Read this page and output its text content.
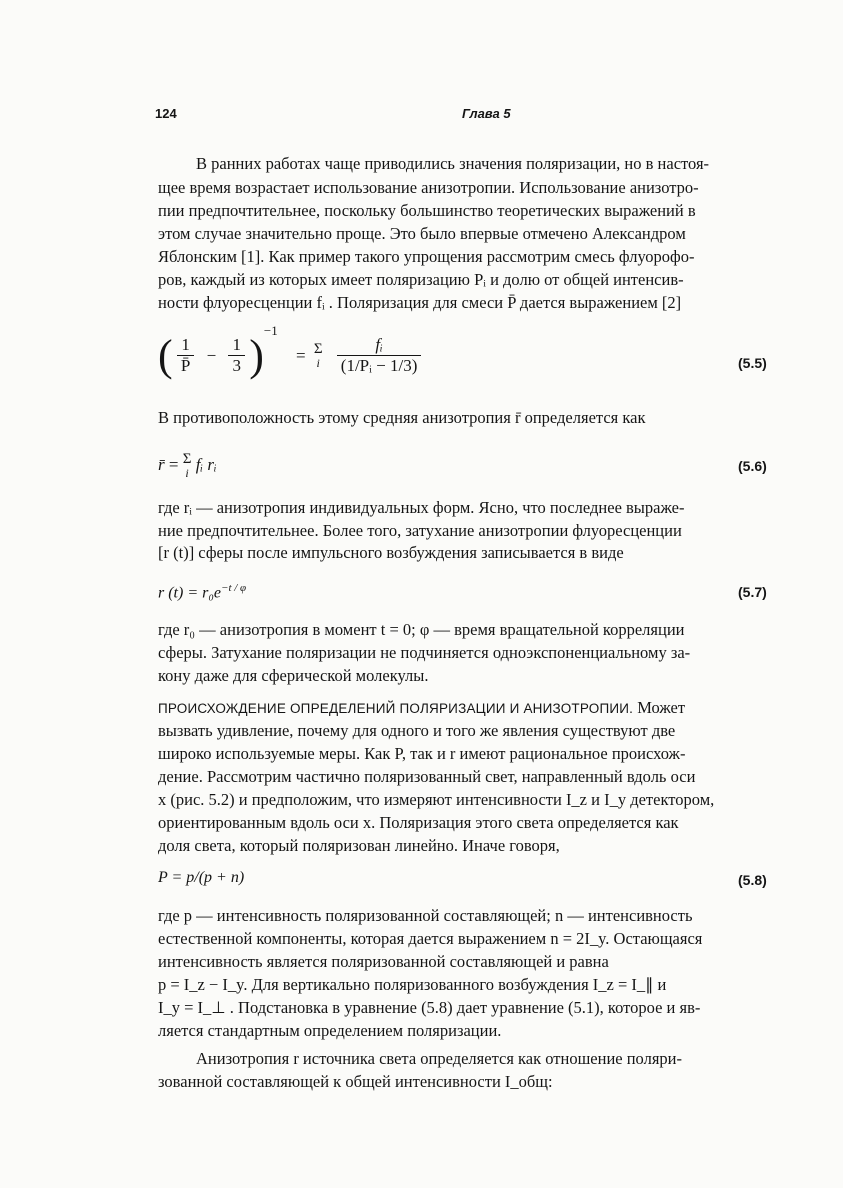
124	Глава 5
В ранних работах чаще приводились значения поляризации, но в настоя-
щее время возрастает использование анизотропии. Использование анизотро-
пии предпочтительнее, поскольку большинство теоретических выражений в
этом случае значительно проще. Это было впервые отмечено Александром
Яблонским [1]. Как пример такого упрощения рассмотрим смесь флуорофо-
ров, каждый из которых имеет поляризацию Pᵢ и долю от общей интенсив-
ности флуоресценции fᵢ . Поляризация для смеси P̄ дается выражением [2]
( $\frac{1}{P̄} - \frac{1}{3} )^{-1} = \Sigma$
i $\frac{\text{fᵢ}}{\text{(1/Pᵢ − 1/3)}}$	(5.5)
В противоположность этому средняя анизотропия r̄ определяется как
r̄ = Σ
i fᵢ rᵢ	(5.6)
где rᵢ — анизотропия индивидуальных форм. Ясно, что последнее выраже-
ние предпочтительнее. Более того, затухание анизотропии флуоресценции
[r (t)] сферы после импульсного возбуждения записывается в виде
r $(t) = r_0e^{-t / \varphi}$	(5.7)
где r₀ — анизотропия в момент t = 0; φ — время вращательной корреляции
сферы. Затухание поляризации не подчиняется одноэкспоненциальному за-
кону даже для сферической молекулы.
ПРОИСХОЖДЕНИЕ ОПРЕДЕЛЕНИЙ ПОЛЯРИЗАЦИИ И АНИЗОТРОПИИ. Может
вызвать удивление, почему для одного и того же явления существуют две
широко используемые меры. Как P, так и r имеют рациональное происхож-
дение. Рассмотрим частично поляризованный свет, направленный вдоль оси
x (рис. 5.2) и предположим, что измеряют интенсивности I_z и I_y детектором,
ориентированным вдоль оси x. Поляризация этого света определяется как
доля света, который поляризован линейно. Иначе говоря,
P = p/(p + n)	(5.8)
где p — интенсивность поляризованной составляющей; n — интенсивность
естественной компоненты, которая дается выражением n = 2I_y. Остающаяся
интенсивность является поляризованной составляющей и равна
p = I_z − I_y. Для вертикально поляризованного возбуждения I_z = I_∥ и
I_y = I_⊥ . Подстановка в уравнение (5.8) дает уравнение (5.1), которое и яв-
ляется стандартным определением поляризации.
Анизотропия r источника света определяется как отношение поляри-
зованной составляющей к общей интенсивности I_общ:
